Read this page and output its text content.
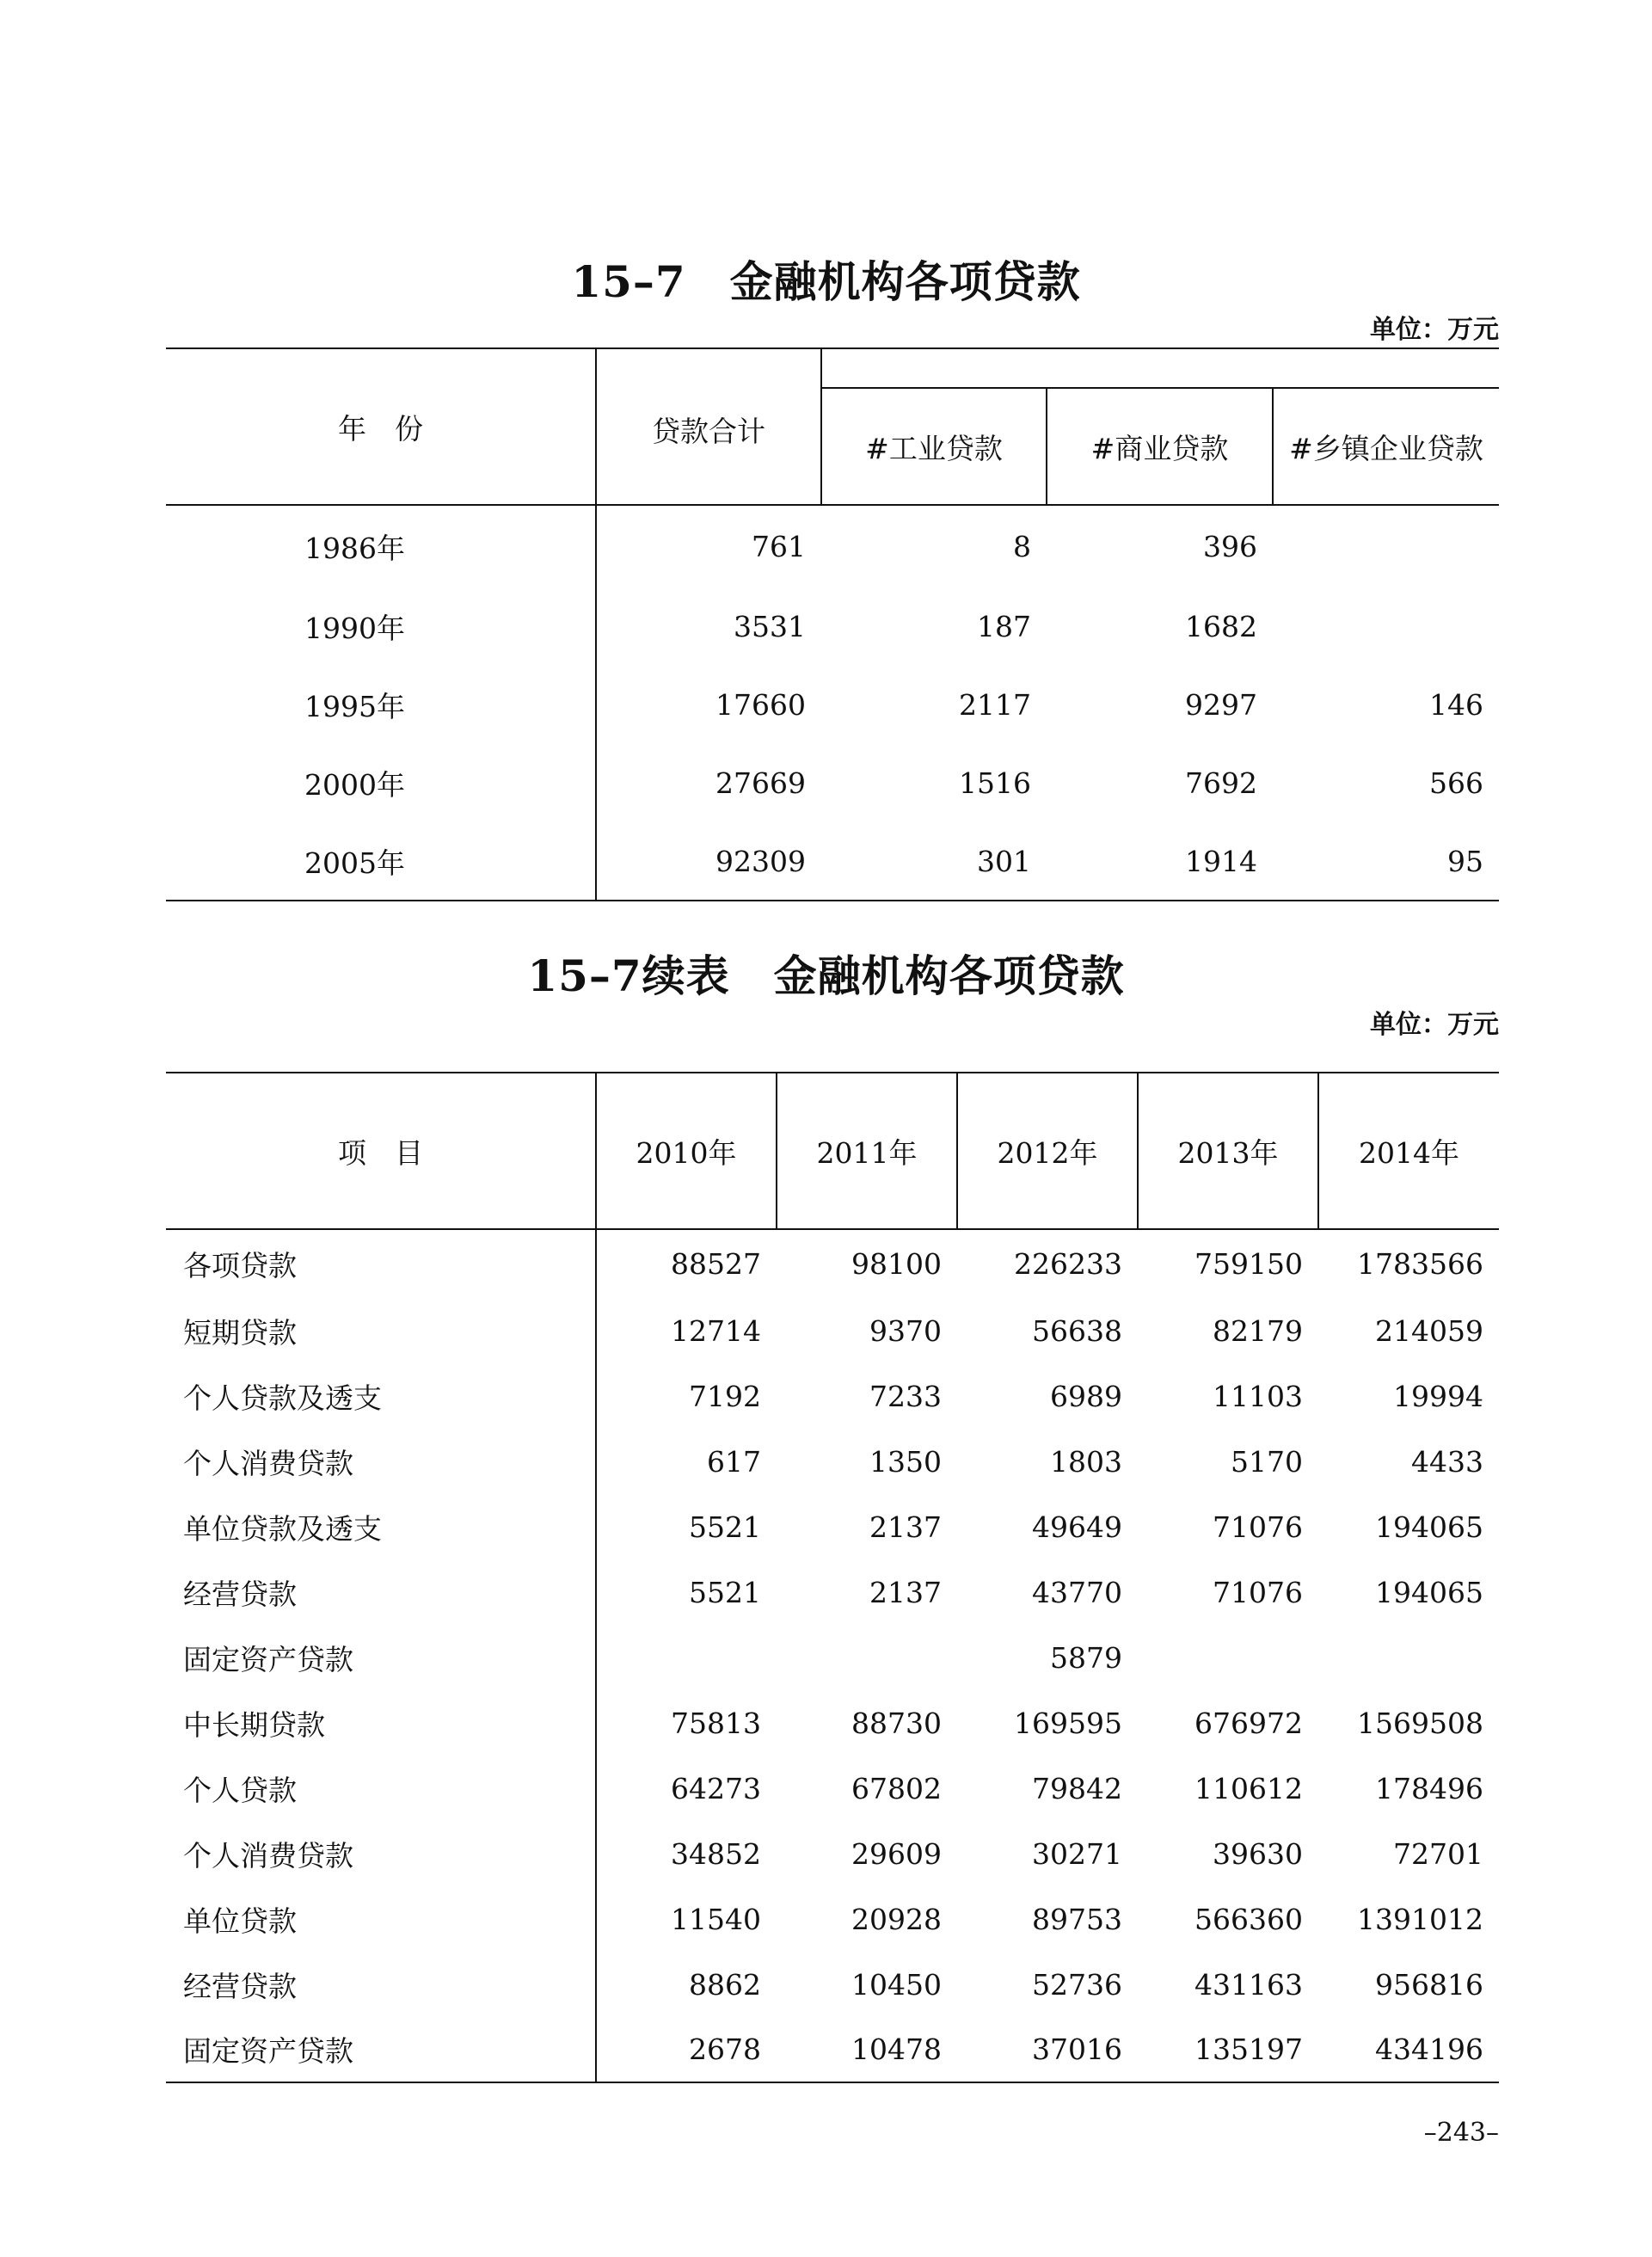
15–7　金融机构各项贷款
单位：万元
年　份	贷款合计			
		#工业贷款	#商业贷款	#乡镇企业贷款
1986年	761	8	396	
1990年	3531	187	1682	
1995年	17660	2117	9297	146
2000年	27669	1516	7692	566
2005年	92309	301	1914	95
15–7续表　金融机构各项贷款
单位：万元
项　目	2010年	2011年	2012年	2013年	2014年
各项贷款	88527	98100	226233	759150	1783566
短期贷款	12714	9370	56638	82179	214059
个人贷款及透支	7192	7233	6989	11103	19994
个人消费贷款	617	1350	1803	5170	4433
单位贷款及透支	5521	2137	49649	71076	194065
经营贷款	5521	2137	43770	71076	194065
固定资产贷款			5879		
中长期贷款	75813	88730	169595	676972	1569508
个人贷款	64273	67802	79842	110612	178496
个人消费贷款	34852	29609	30271	39630	72701
单位贷款	11540	20928	89753	566360	1391012
经营贷款	8862	10450	52736	431163	956816
固定资产贷款	2678	10478	37016	135197	434196
–243–
